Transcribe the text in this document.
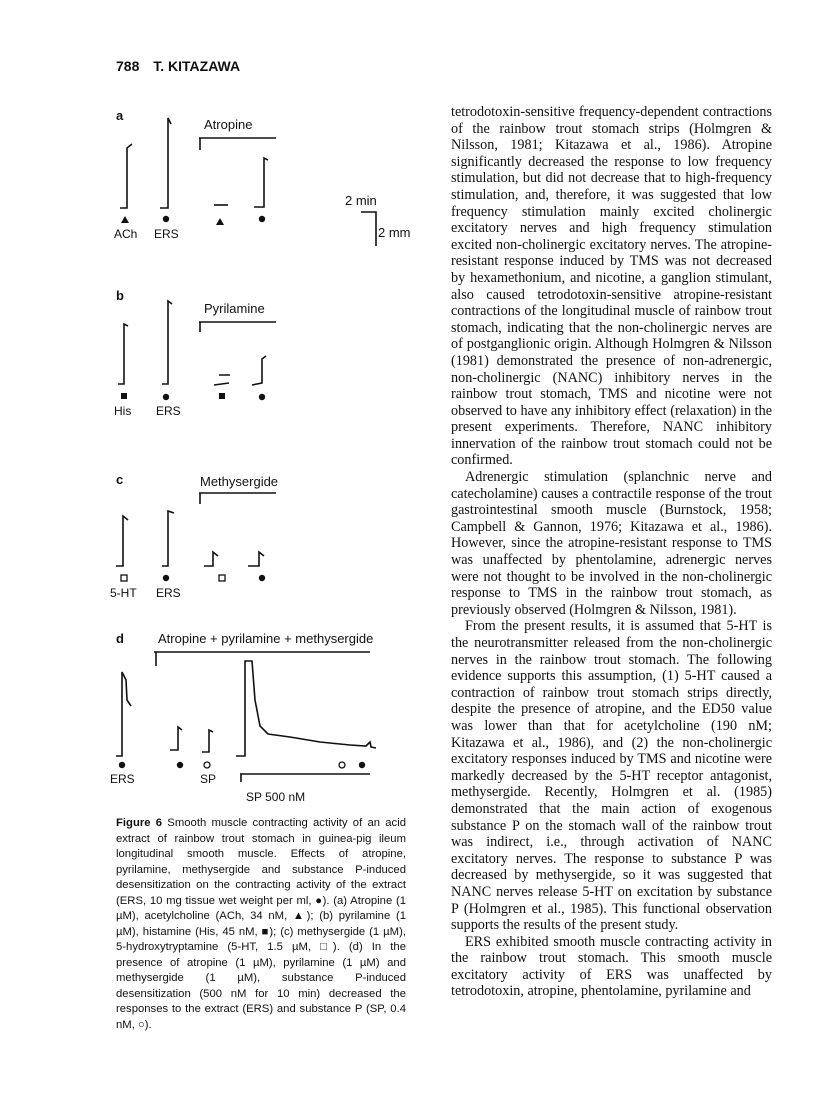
788 T. KITAZAWA
a
b
c
d
Atropine
Pyrilamine
Methysergide
Atropine + pyrilamine + methysergide
2 min
2 mm
ACh ERS
His ERS
5-HT ERS
ERS	SP
SP 500 nM
Figure 6 Smooth muscle contracting activity of an acid extract of rainbow trout stomach in guinea-pig ileum longitudinal smooth muscle. Effects of atropine, pyrilamine, methysergide and substance P-induced desensitization on the contracting activity of the extract (ERS, 10 mg tissue wet weight per ml, ●). (a) Atropine (1 µM), acetylcholine (ACh, 34 nM, ▲); (b) pyrilamine (1 µM), histamine (His, 45 nM, ■); (c) methysergide (1 µM), 5-hydroxytryptamine (5-HT, 1.5 µM, □). (d) In the presence of atropine (1 µM), pyrilamine (1 µM) and methysergide (1 µM), substance P-induced desensitization (500 nM for 10 min) decreased the responses to the extract (ERS) and substance P (SP, 0.4 nM, ○).

tetrodotoxin-sensitive frequency-dependent contractions of the rainbow trout stomach strips (Holmgren & Nilsson, 1981; Kitazawa et al., 1986). Atropine significantly decreased the response to low frequency stimulation, but did not decrease that to high-frequency stimulation, and, therefore, it was suggested that low frequency stimulation mainly excited cholinergic excitatory nerves and high frequency stimulation excited non-cholinergic excitatory nerves. The atropine-resistant response induced by TMS was not decreased by hexamethonium, and nicotine, a ganglion stimulant, also caused tetrodotoxin-sensitive atropine-resistant contractions of the longitudinal muscle of rainbow trout stomach, indicating that the non-cholinergic nerves are of postganglionic origin. Although Holmgren & Nilsson (1981) demonstrated the presence of non-adrenergic, non-cholinergic (NANC) inhibitory nerves in the rainbow trout stomach, TMS and nicotine were not observed to have any inhibitory effect (relaxation) in the present experiments. Therefore, NANC inhibitory innervation of the rainbow trout stomach could not be confirmed.

Adrenergic stimulation (splanchnic nerve and catecholamine) causes a contractile response of the trout gastrointestinal smooth muscle (Burnstock, 1958; Campbell & Gannon, 1976; Kitazawa et al., 1986). However, since the atropine-resistant response to TMS was unaffected by phentolamine, adrenergic nerves were not thought to be involved in the non-cholinergic response to TMS in the rainbow trout stomach, as previously observed (Holmgren & Nilsson, 1981).

From the present results, it is assumed that 5-HT is the neurotransmitter released from the non-cholinergic nerves in the rainbow trout stomach. The following evidence supports this assumption, (1) 5-HT caused a contraction of rainbow trout stomach strips directly, despite the presence of atropine, and the ED50 value was lower than that for acetylcholine (190 nM; Kitazawa et al., 1986), and (2) the non-cholinergic excitatory responses induced by TMS and nicotine were markedly decreased by the 5-HT receptor antagonist, methysergide. Recently, Holmgren et al. (1985) demonstrated that the main action of exogenous substance P on the stomach wall of the rainbow trout was indirect, i.e., through activation of NANC excitatory nerves. The response to substance P was decreased by methysergide, so it was suggested that NANC nerves release 5-HT on excitation by substance P (Holmgren et al., 1985). This functional observation supports the results of the present study.

ERS exhibited smooth muscle contracting activity in the rainbow trout stomach. This smooth muscle excitatory activity of ERS was unaffected by tetrodotoxin, atropine, phentolamine, pyrilamine and
